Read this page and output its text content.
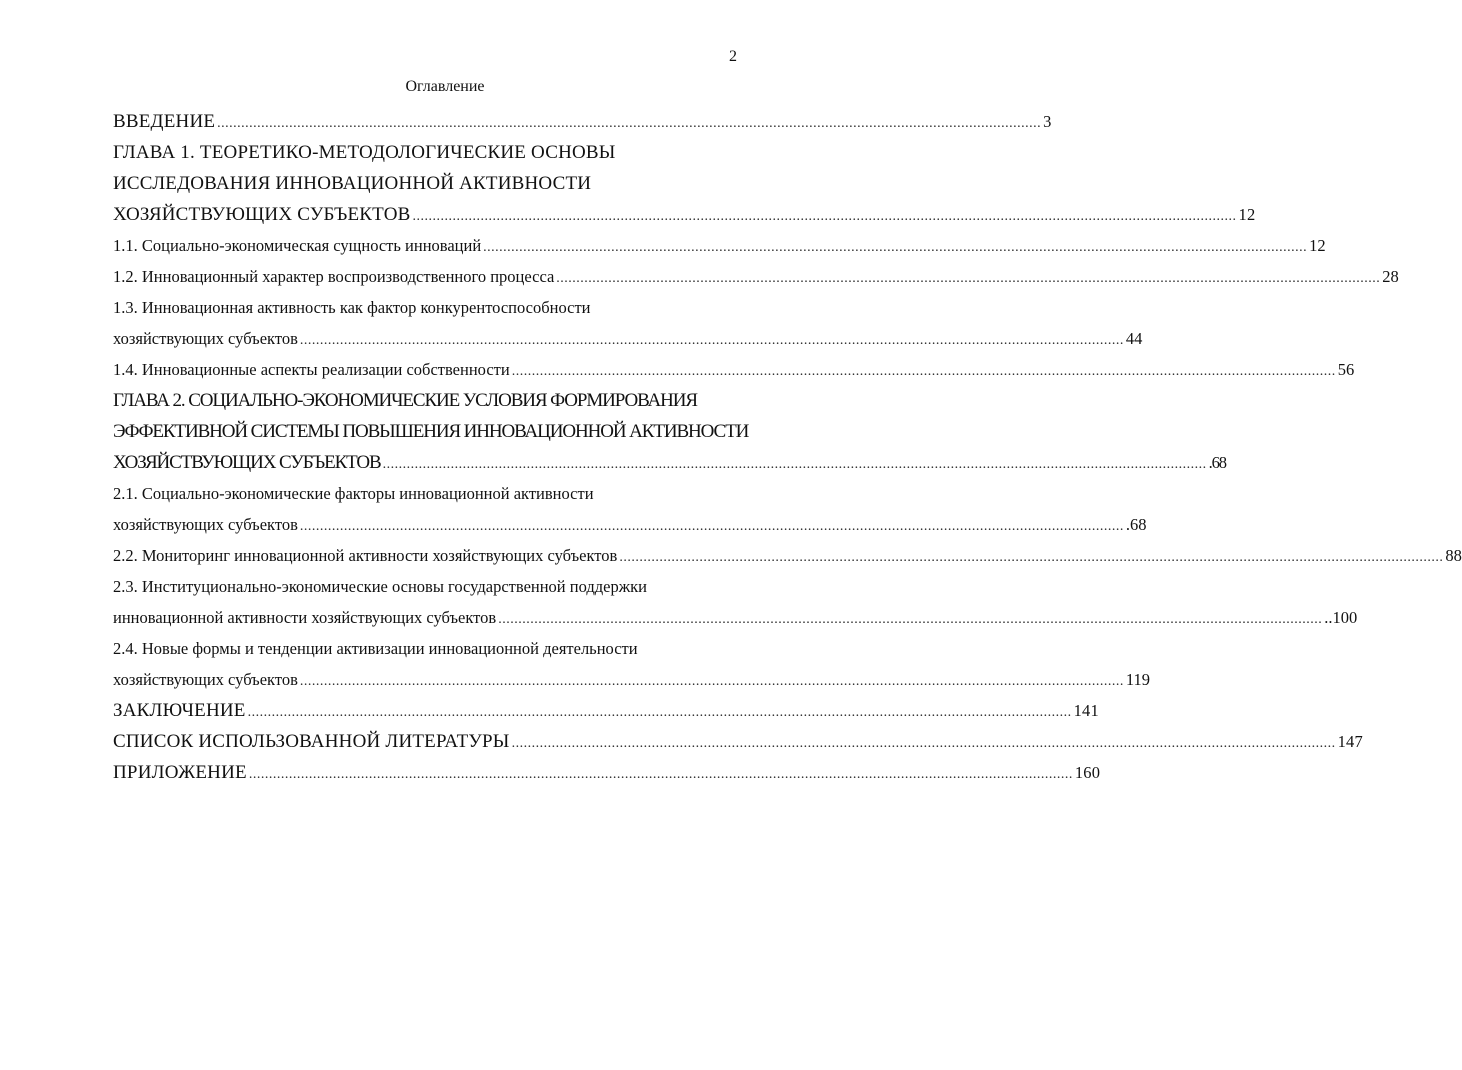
2
Оглавление
ВВЕДЕНИЕ .............................................................................................................................................................................................................. 3
ГЛАВА 1. ТЕОРЕТИКО-МЕТОДОЛОГИЧЕСКИЕ ОСНОВЫ
ИССЛЕДОВАНИЯ ИННОВАЦИОННОЙ АКТИВНОСТИ
ХОЗЯЙСТВУЮЩИХ СУБЪЕКТОВ .............................................................................................................................................................................................................. 12
1.1. Социально-экономическая сущность инноваций .............................................................................................................................................................................................................. 12
1.2. Инновационный характер воспроизводственного процесса .............................................................................................................................................................................................................. 28
1.3. Инновационная активность как фактор конкурентоспособности
хозяйствующих субъектов .............................................................................................................................................................................................................. 44
1.4. Инновационные аспекты реализации собственности .............................................................................................................................................................................................................. 56
ГЛАВА 2. СОЦИАЛЬНО-ЭКОНОМИЧЕСКИЕ УСЛОВИЯ ФОРМИРОВАНИЯ
ЭФФЕКТИВНОЙ СИСТЕМЫ ПОВЫШЕНИЯ ИННОВАЦИОННОЙ АКТИВНОСТИ
ХОЗЯЙСТВУЮЩИХ СУБЪЕКТОВ .............................................................................................................................................................................................................. .68
2.1. Социально-экономические факторы инновационной активности
хозяйствующих субъектов .............................................................................................................................................................................................................. .68
2.2. Мониторинг инновационной активности хозяйствующих субъектов .............................................................................................................................................................................................................. 88
2.3. Институционально-экономические основы государственной поддержки
инновационной активности хозяйствующих субъектов .............................................................................................................................................................................................................. ..100
2.4. Новые формы и тенденции активизации инновационной деятельности
хозяйствующих субъектов .............................................................................................................................................................................................................. 119
ЗАКЛЮЧЕНИЕ .............................................................................................................................................................................................................. 141
СПИСОК ИСПОЛЬЗОВАННОЙ ЛИТЕРАТУРЫ .............................................................................................................................................................................................................. 147
ПРИЛОЖЕНИЕ .............................................................................................................................................................................................................. 160
